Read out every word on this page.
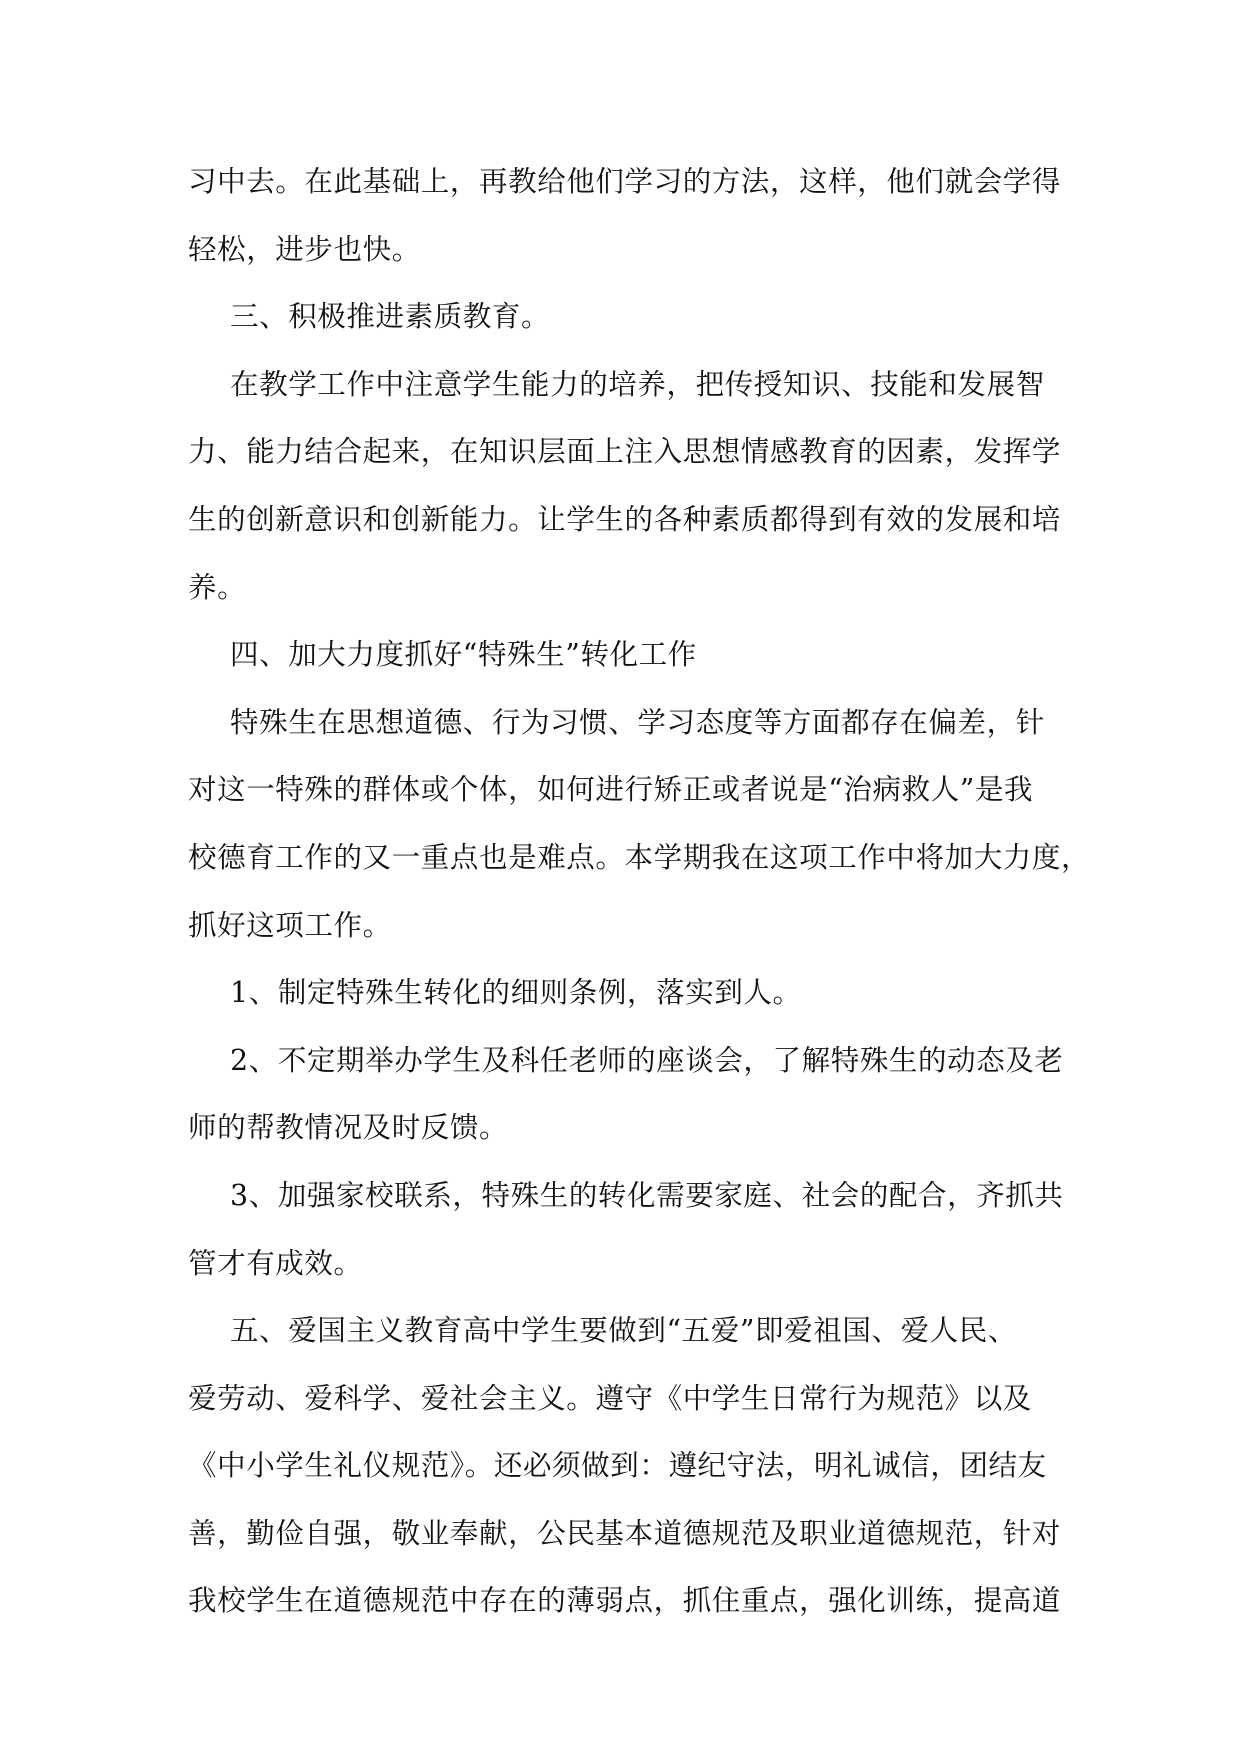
习中去。在此基础上，再教给他们学习的方法，这样，他们就会学得
轻松，进步也快。
三、积极推进素质教育。
在教学工作中注意学生能力的培养，把传授知识、技能和发展智
力、能力结合起来，在知识层面上注入思想情感教育的因素，发挥学
生的创新意识和创新能力。让学生的各种素质都得到有效的发展和培
养。
四、加大力度抓好“特殊生”转化工作
特殊生在思想道德、行为习惯、学习态度等方面都存在偏差，针
对这一特殊的群体或个体，如何进行矫正或者说是“治病救人”是我
校德育工作的又一重点也是难点。本学期我在这项工作中将加大力度，
抓好这项工作。
1、制定特殊生转化的细则条例，落实到人。
2、不定期举办学生及科任老师的座谈会，了解特殊生的动态及老
师的帮教情况及时反馈。
3、加强家校联系，特殊生的转化需要家庭、社会的配合，齐抓共
管才有成效。
五、爱国主义教育高中学生要做到“五爱”即爱祖国、爱人民、
爱劳动、爱科学、爱社会主义。遵守《中学生日常行为规范》以及
《中小学生礼仪规范》。还必须做到：遵纪守法，明礼诚信，团结友
善，勤俭自强，敬业奉献，公民基本道德规范及职业道德规范，针对
我校学生在道德规范中存在的薄弱点，抓住重点，强化训练，提高道
